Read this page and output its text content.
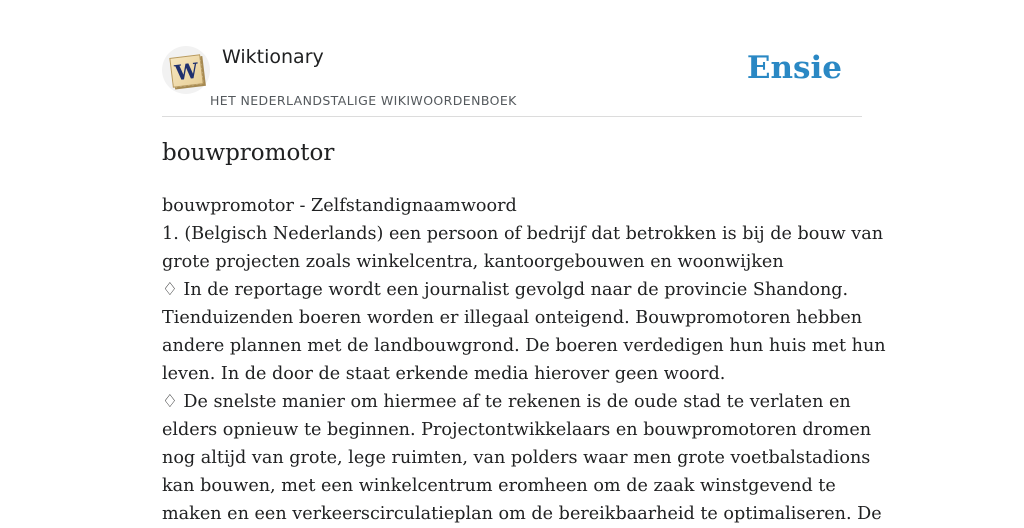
W
Wiktionary
HET NEDERLANDSTALIGE WIKIWOORDENBOEK
Ensie
bouwpromotor
bouwpromotor - Zelfstandignaamwoord
1. (Belgisch Nederlands) een persoon of bedrijf dat betrokken is bij de bouw van
grote projecten zoals winkelcentra, kantoorgebouwen en woonwijken
♢ In de reportage wordt een journalist gevolgd naar de provincie Shandong.
Tienduizenden boeren worden er illegaal onteigend. Bouwpromotoren hebben
andere plannen met de landbouwgrond. De boeren verdedigen hun huis met hun
leven. In de door de staat erkende media hierover geen woord.
♢ De snelste manier om hiermee af te rekenen is de oude stad te verlaten en
elders opnieuw te beginnen. Projectontwikkelaars en bouwpromotoren dromen
nog altijd van grote, lege ruimten, van polders waar men grote voetbalstadions
kan bouwen, met een winkelcentrum eromheen om de zaak winstgevend te
maken en een verkeerscirculatieplan om de bereikbaarheid te optimaliseren. De
